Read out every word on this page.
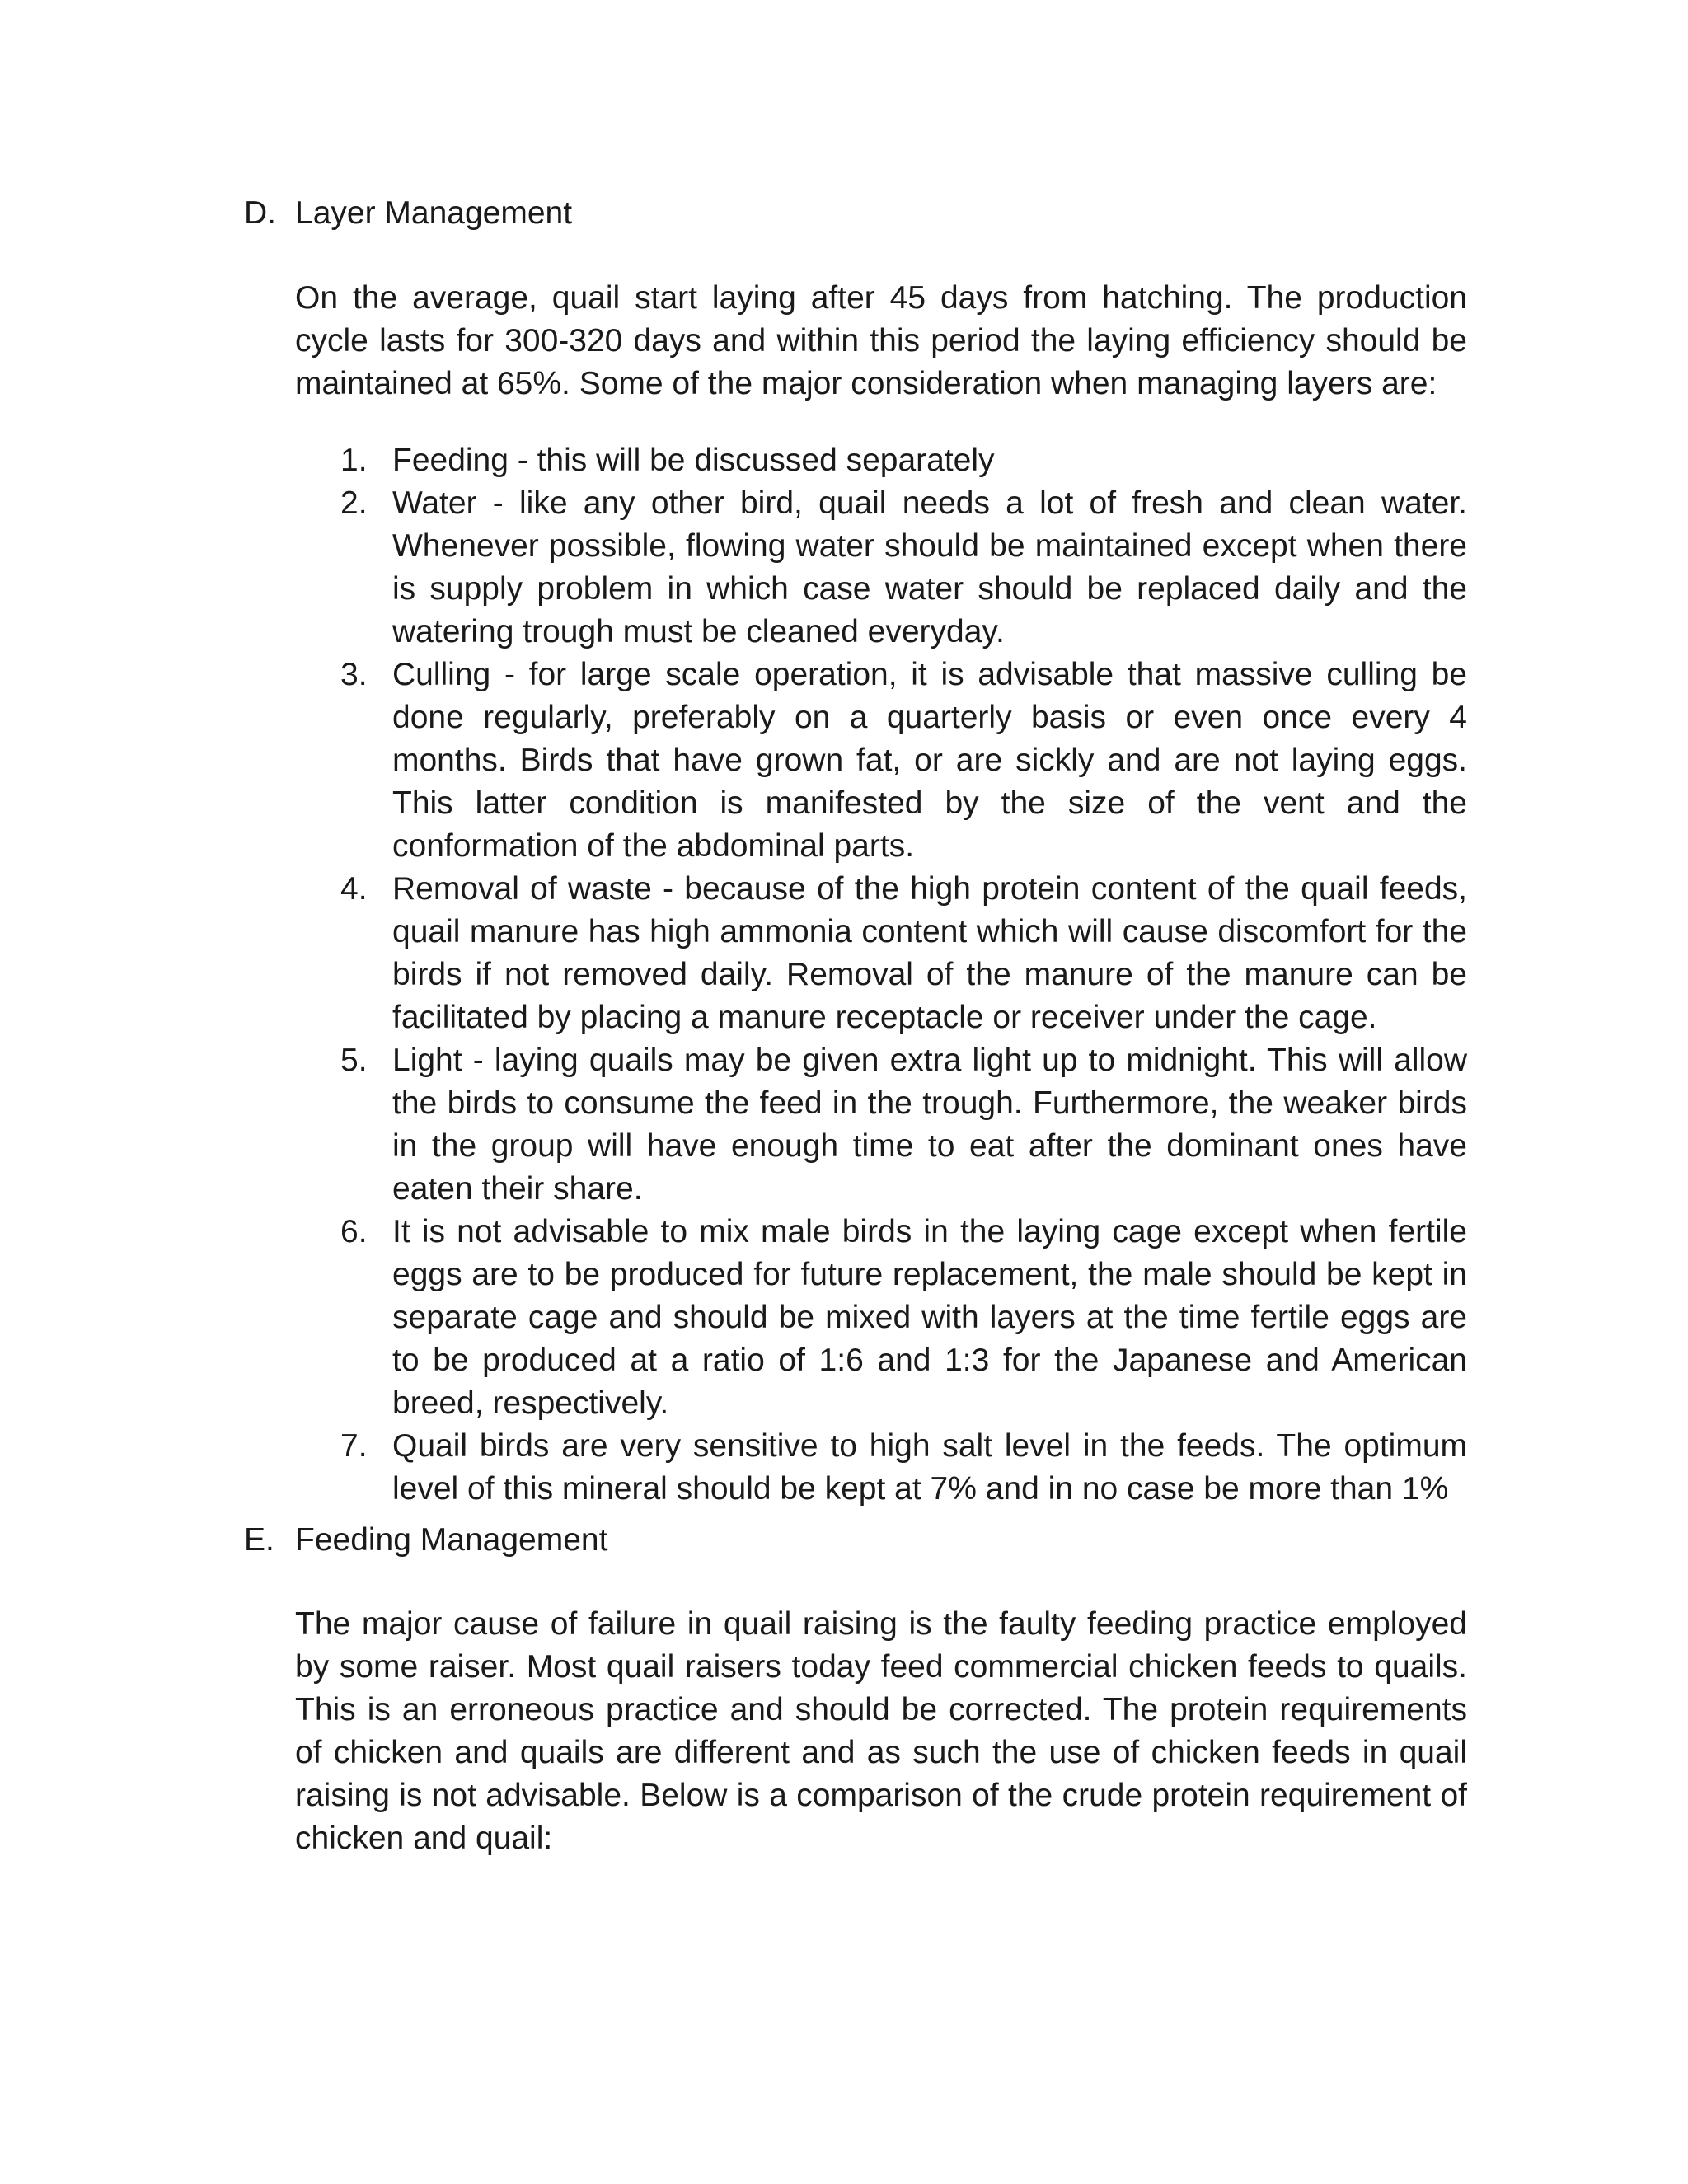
D. Layer Management

On the average, quail start laying after 45 days from hatching. The production cycle lasts for 300-320 days and within this period the laying efficiency should be maintained at 65%. Some of the major consideration when managing layers are:

1. Feeding - this will be discussed separately
2. Water - like any other bird, quail needs a lot of fresh and clean water. Whenever possible, flowing water should be maintained except when there is supply problem in which case water should be replaced daily and the watering trough must be cleaned everyday.
3. Culling - for large scale operation, it is advisable that massive culling be done regularly, preferably on a quarterly basis or even once every 4 months. Birds that have grown fat, or are sickly and are not laying eggs. This latter condition is manifested by the size of the vent and the conformation of the abdominal parts.
4. Removal of waste - because of the high protein content of the quail feeds, quail manure has high ammonia content which will cause discomfort for the birds if not removed daily. Removal of the manure of the manure can be facilitated by placing a manure receptacle or receiver under the cage.
5. Light - laying quails may be given extra light up to midnight. This will allow the birds to consume the feed in the trough. Furthermore, the weaker birds in the group will have enough time to eat after the dominant ones have eaten their share.
6. It is not advisable to mix male birds in the laying cage except when fertile eggs are to be produced for future replacement, the male should be kept in separate cage and should be mixed with layers at the time fertile eggs are to be produced at a ratio of 1:6 and 1:3 for the Japanese and American breed, respectively.
7. Quail birds are very sensitive to high salt level in the feeds. The optimum level of this mineral should be kept at 7% and in no case be more than 1%
E. Feeding Management

The major cause of failure in quail raising is the faulty feeding practice employed by some raiser. Most quail raisers today feed commercial chicken feeds to quails. This is an erroneous practice and should be corrected. The protein requirements of chicken and quails are different and as such the use of chicken feeds in quail raising is not advisable. Below is a comparison of the crude protein requirement of chicken and quail:
